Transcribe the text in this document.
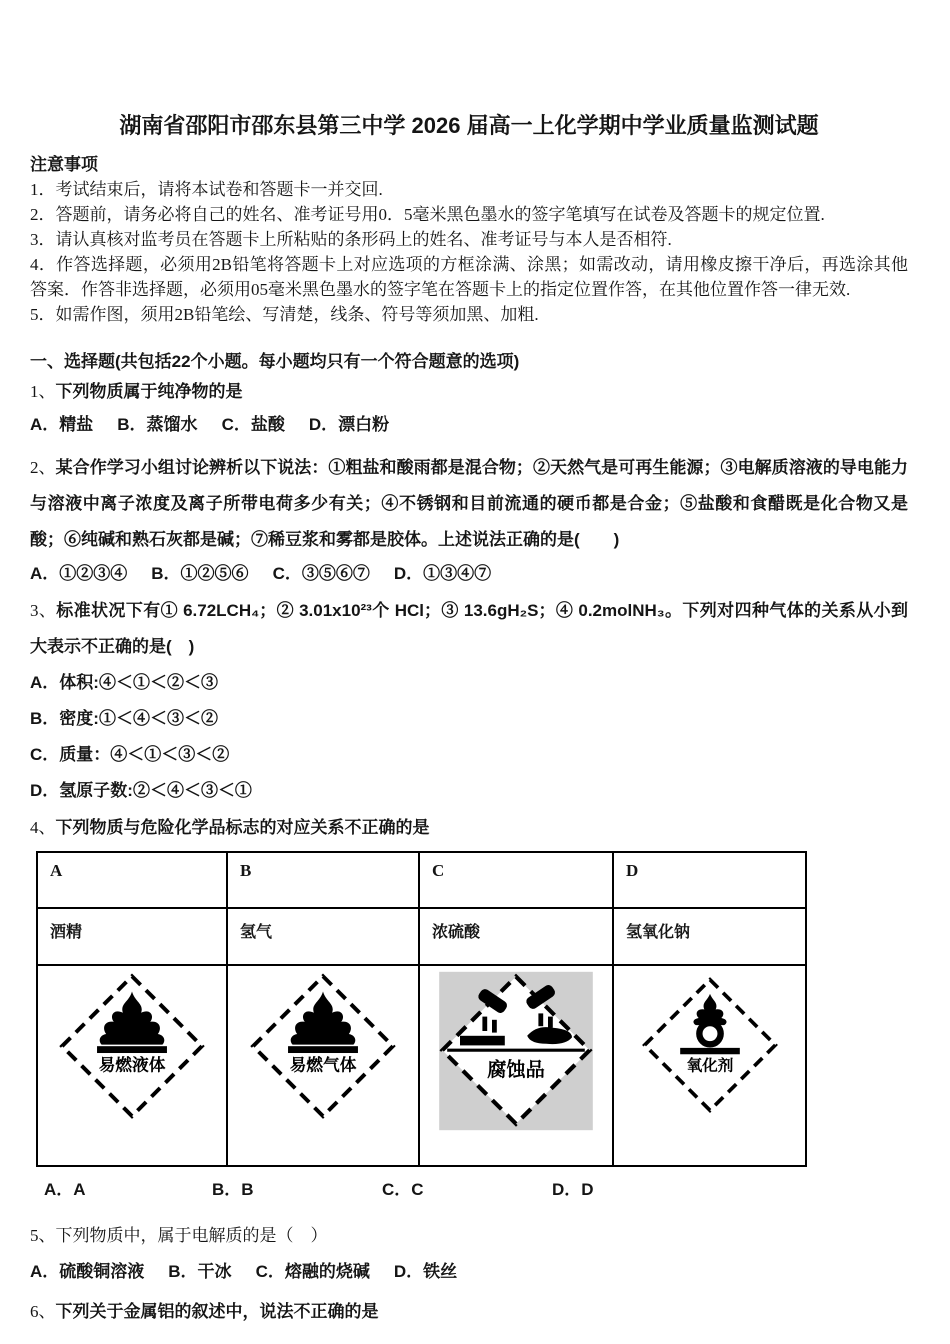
湖南省邵阳市邵东县第三中学 2026 届高一上化学期中学业质量监测试题
注意事项

1．考试结束后，请将本试卷和答题卡一并交回.

2．答题前，请务必将自己的姓名、准考证号用0．5毫米黑色墨水的签字笔填写在试卷及答题卡的规定位置.

3．请认真核对监考员在答题卡上所粘贴的条形码上的姓名、准考证号与本人是否相符.

4．作答选择题，必须用2B铅笔将答题卡上对应选项的方框涂满、涂黑；如需改动，请用橡皮擦干净后，再选涂其他答案．作答非选择题，必须用05毫米黑色墨水的签字笔在答题卡上的指定位置作答，在其他位置作答一律无效.

5．如需作图，须用2B铅笔绘、写清楚，线条、符号等须加黑、加粗.

一、选择题(共包括22个小题。每小题均只有一个符合题意的选项)
1、下列物质属于纯净物的是
A．精盐 B．蒸馏水 C．盐酸 D．漂白粉

2、某合作学习小组讨论辨析以下说法：①粗盐和酸雨都是混合物；②天然气是可再生能源；③电解质溶液的导电能力与溶液中离子浓度及离子所带电荷多少有关；④不锈钢和目前流通的硬币都是合金；⑤盐酸和食醋既是化合物又是酸；⑥纯碱和熟石灰都是碱；⑦稀豆浆和雾都是胶体。上述说法正确的是(　　)

A．①②③④ B．①②⑤⑥ C．③⑤⑥⑦ D．①③④⑦

3、标准状况下有① 6.72LCH₄；② 3.01x10²³个 HCl；③ 13.6gH₂S；④ 0.2molNH₃。下列对四种气体的关系从小到大表示不正确的是(　)

A．体积:④＜①＜②＜③
B．密度:①＜④＜③＜②
C．质量：④＜①＜③＜②
D．氢原子数:②＜④＜③＜①
4、下列物质与危险化学品标志的对应关系不正确的是
A	B	C	D
酒精	氢气	浓硫酸	氢氧化钠

易燃液体	易燃气体	腐蚀品	氧化剂
A．A	B．B	C．C	D．D
5、下列物质中，属于电解质的是（　）
A．硫酸铜溶液 B．干冰 C．熔融的烧碱 D．铁丝
6、下列关于金属铝的叙述中，说法不正确的是
